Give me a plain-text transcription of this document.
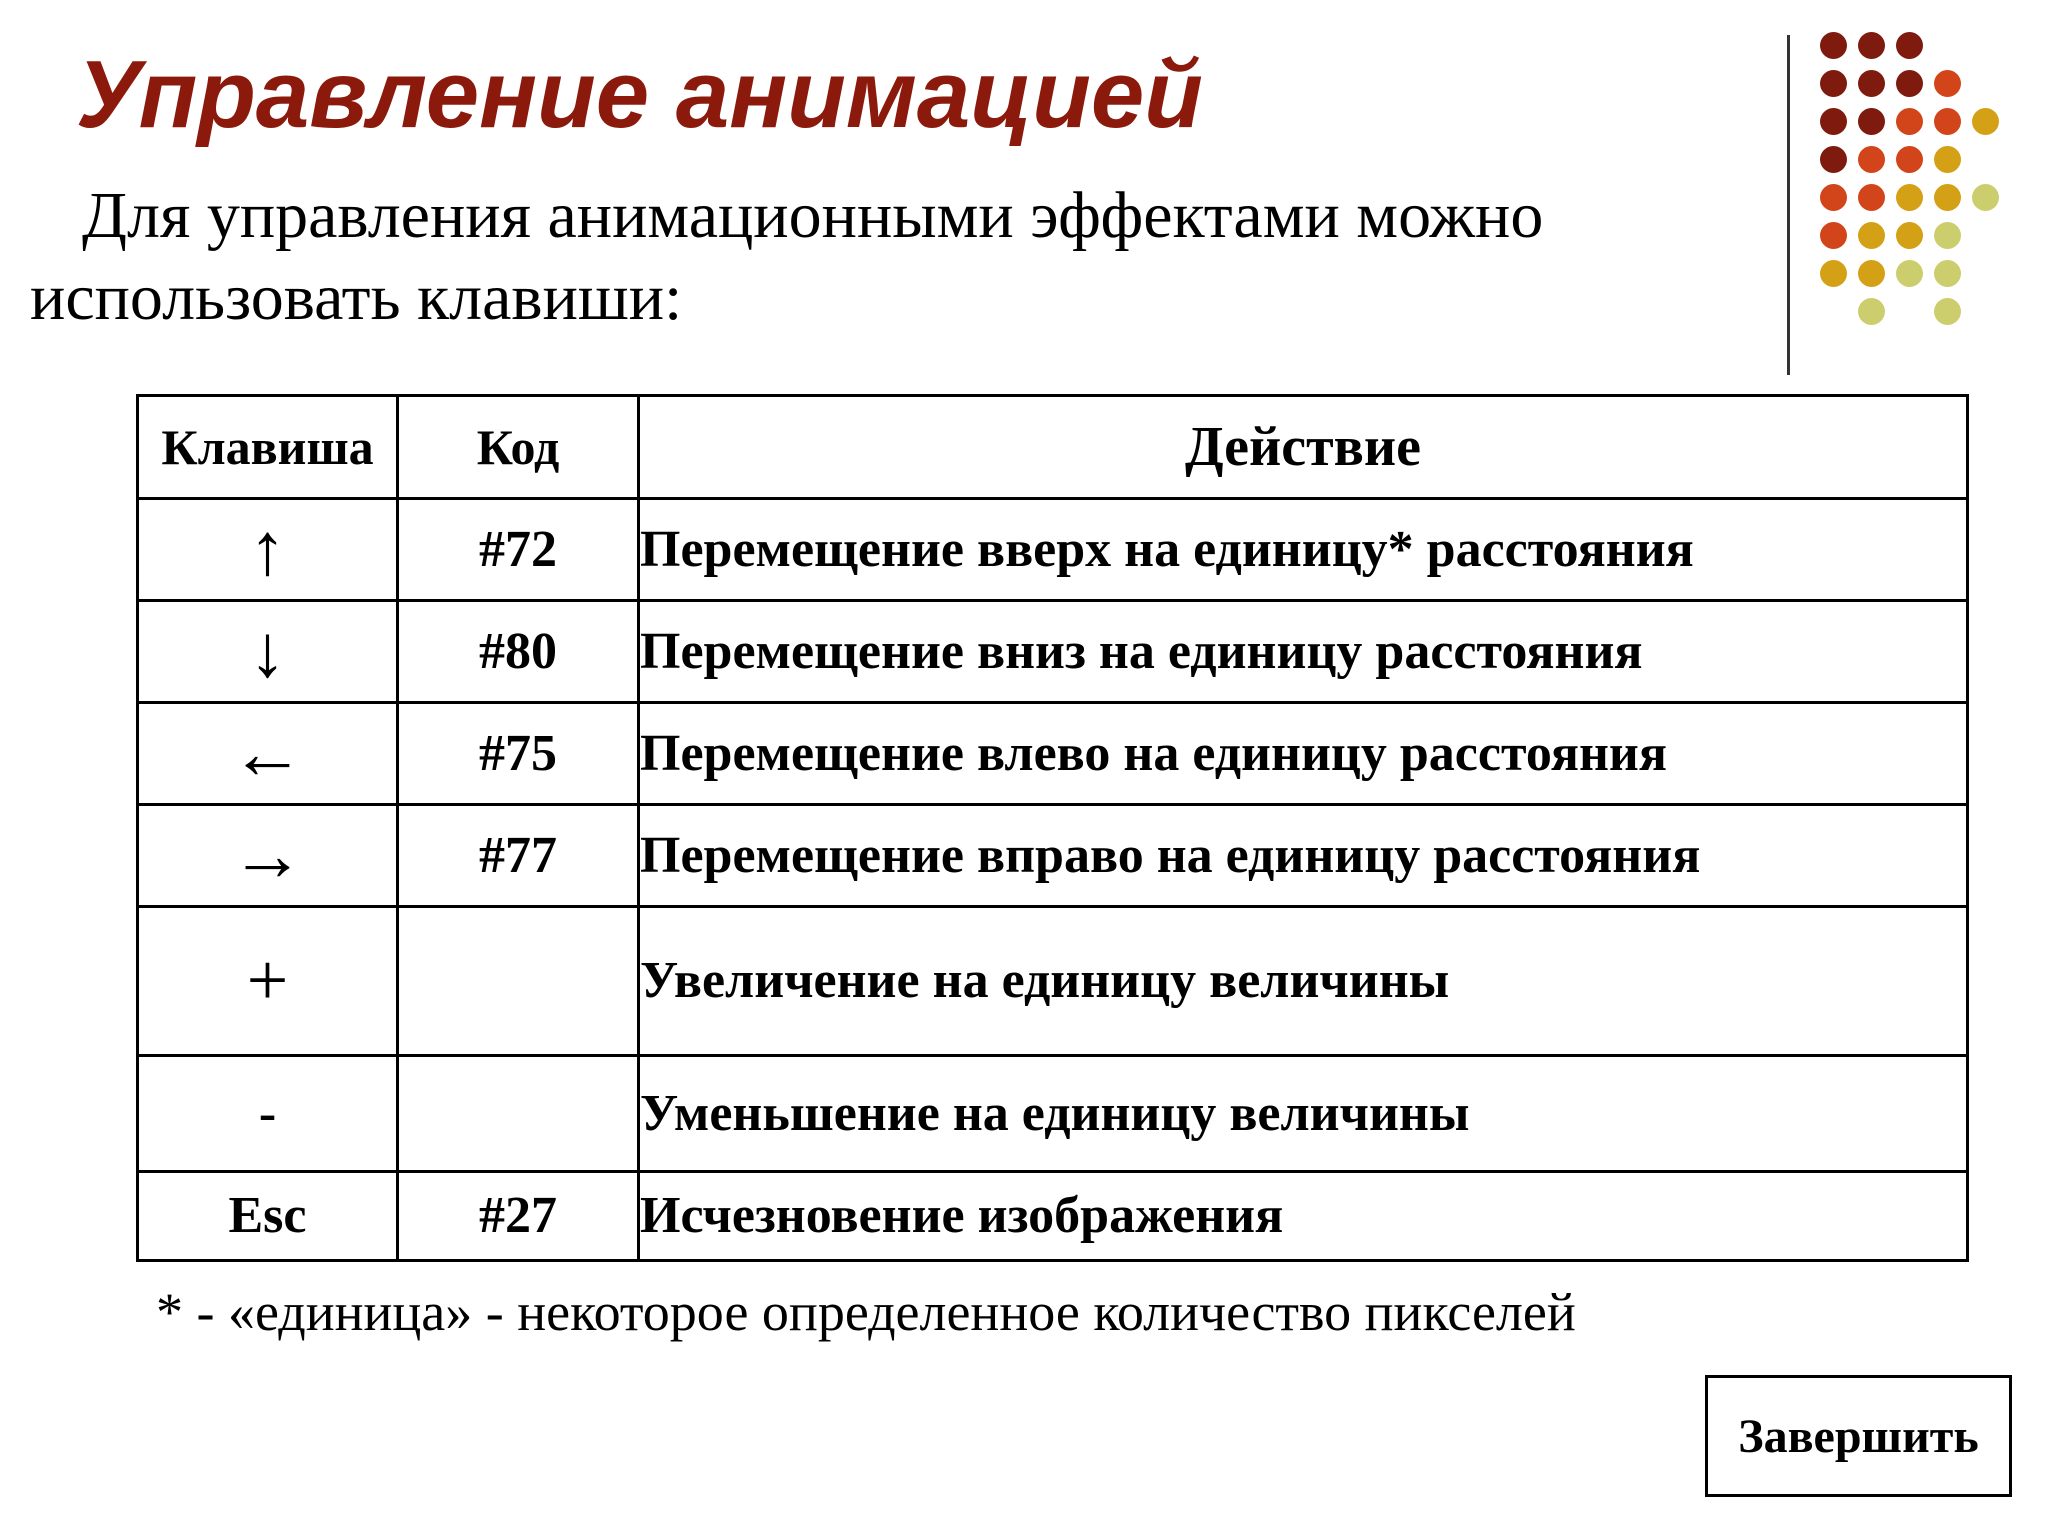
Управление анимацией
Для управления анимационными эффектами можно использовать клавиши:
Клавиша	Код	Действие
↑	#72	Перемещение вверх на единицу* расстояния
↓	#80	Перемещение вниз на единицу расстояния
←	#75	Перемещение влево на единицу расстояния
→	#77	Перемещение вправо на единицу расстояния
+		Увеличение на единицу величины
-		Уменьшение на единицу величины
Esc	#27	Исчезновение изображения
* - «единица» - некоторое определенное количество пикселей
Завершить
